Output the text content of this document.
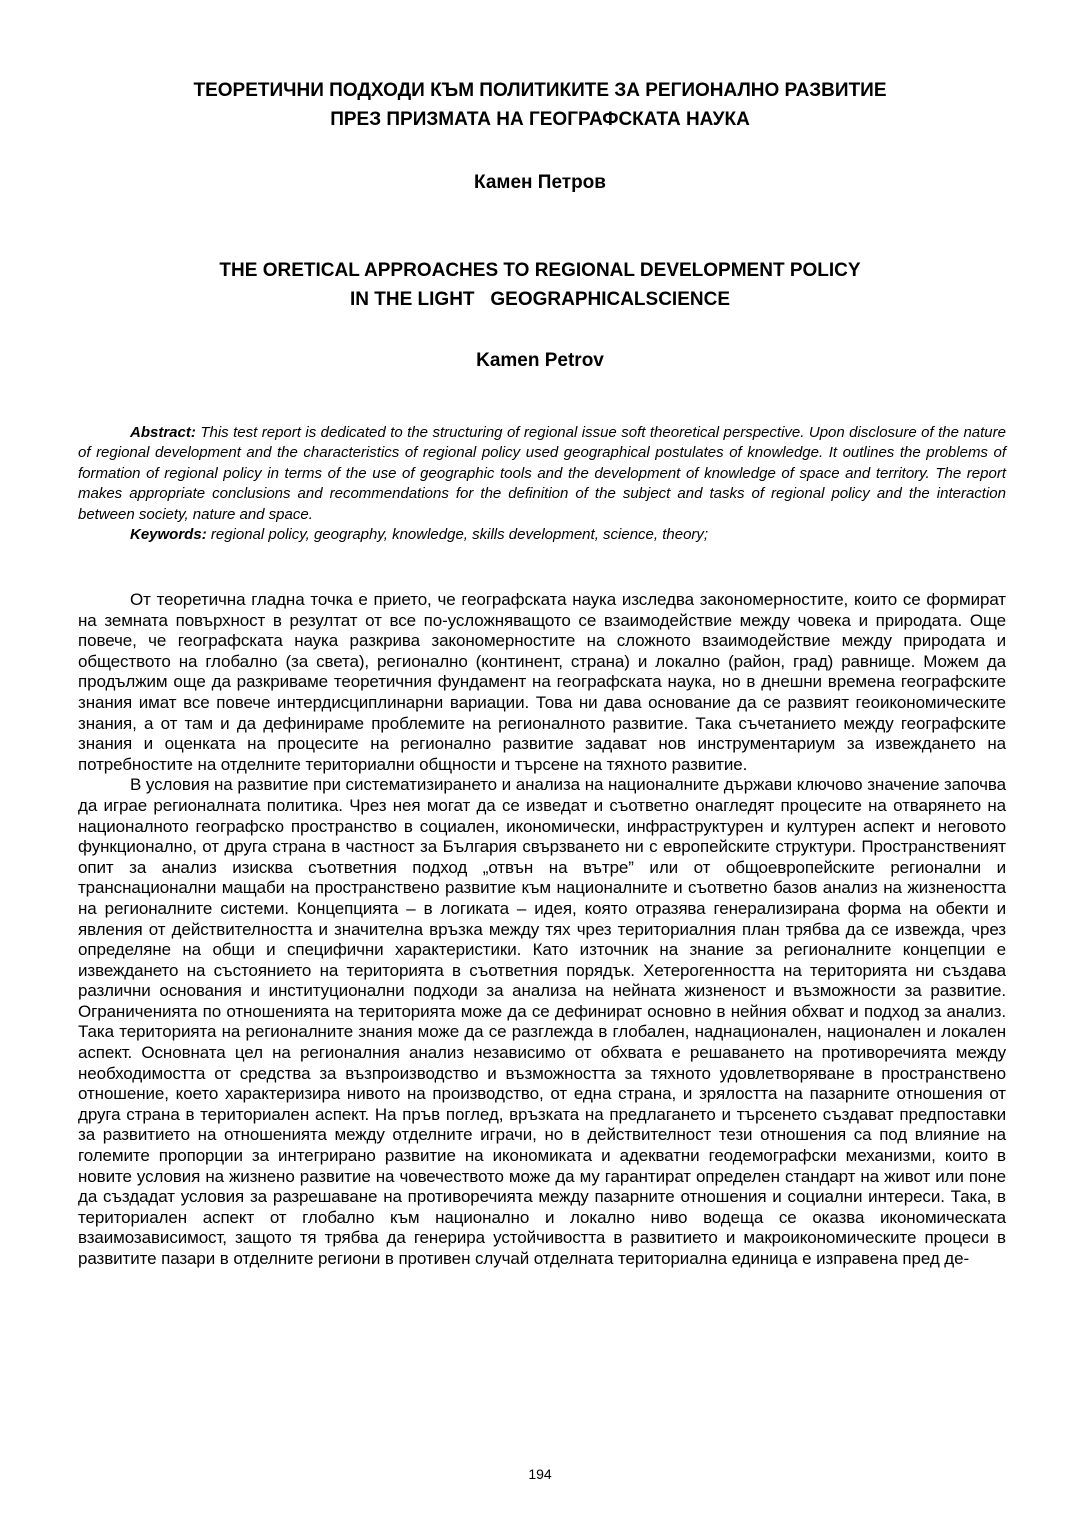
ТЕОРЕТИЧНИ ПОДХОДИ КЪМ ПОЛИТИКИТЕ ЗА РЕГИОНАЛНО РАЗВИТИЕ
ПРЕЗ ПРИЗМАТА НА ГЕОГРАФСКАТА НАУКА
Камен Петров
THE ORETICAL APPROACHES TO REGIONAL DEVELOPMENT POLICY
IN THE LIGHT   GEOGRAPHICALSCIENCE
Kamen Petrov

Abstract: This test report is dedicated to the structuring of regional issue soft theoretical perspective. Upon disclosure of the nature of regional development and the characteristics of regional policy used geographical postulates of knowledge. It outlines the problems of formation of regional policy in terms of the use of geographic tools and the development of knowledge of space and territory. The report makes appropriate conclusions and recommendations for the definition of the subject and tasks of regional policy and the interaction between society, nature and space.

Keywords: regional policy, geography, knowledge, skills development, science, theory;

От теоретична гладна точка е прието, че географската наука изследва закономерностите, които се формират на земната повърхност в резултат от все по-усложняващото се взаимодействие между човека и природата. Още повече, че географската наука разкрива закономерностите на сложното взаимодействие между природата и обществото на глобално (за света), регионално (континент, страна) и локално (район, град) равнище. Можем да продължим още да разкриваме теоретичния фундамент на географската наука, но в днешни времена географските знания имат все повече интердисциплинарни вариации. Това ни дава основание да се развият геоикономическите знания, а от там и да дефинираме проблемите на регионалното развитие. Така съчетанието между географските знания и оценката на процесите на регионално развитие задават нов инструментариум за извеждането на потребностите на отделните териториални общности и търсене на тяхното развитие.

В условия на развитие при систематизирането и анализа на националните държави ключово значение започва да играе регионалната политика. Чрез нея могат да се изведат и съответно онагледят процесите на отварянето на националното географско пространство в социален, икономически, инфраструктурен и културен аспект и неговото функционално, от друга страна в частност за България свързването ни с европейските структури. Пространственият опит за анализ изисква съответния подход „отвън на вътре” или от общоевропейските регионални и транснационални мащаби на пространствено развитие към националните и съответно базов анализ на жизнеността на регионалните системи. Концепцията – в логиката – идея, която отразява генерализирана форма на обекти и явления от действителността и значителна връзка между тях чрез териториалния план трябва да се извежда, чрез определяне на общи и специфични характеристики. Като източник на знание за регионалните концепции е извеждането на състоянието на територията в съответния порядък. Хетерогенността на територията ни създава различни основания и институционални подходи за анализа на нейната жизненост и възможности за развитие. Ограниченията по отношенията на територията може да се дефинират основно в нейния обхват и подход за анализ. Така територията на регионалните знания може да се разглежда в глобален, наднационален, национален и локален аспект. Основната цел на регионалния анализ независимо от обхвата е решаването на противоречията между необходимостта от средства за възпроизводство и възможността за тяхното удовлетворяване в пространствено отношение, което характеризира нивото на производство, от една страна, и зрялостта на пазарните отношения от друга страна в териториален аспект. На пръв поглед, връзката на предлагането и търсенето създават предпоставки за развитието на отношенията между отделните играчи, но в действителност тези отношения са под влияние на големите пропорции за интегрирано развитие на икономиката и адекватни геодемографски механизми, които в новите условия на жизнено развитие на човечеството може да му гарантират определен стандарт на живот или поне да създадат условия за разрешаване на противоречията между пазарните отношения и социални интереси. Така, в териториален аспект от глобално към национално и локално ниво водеща се оказва икономическата взаимозависимост, защото тя трябва да генерира устойчивостта в развитието и макроикономическите процеси в развитите пазари в отделните региони в противен случай отделната териториална единица е изправена пред де-

194
